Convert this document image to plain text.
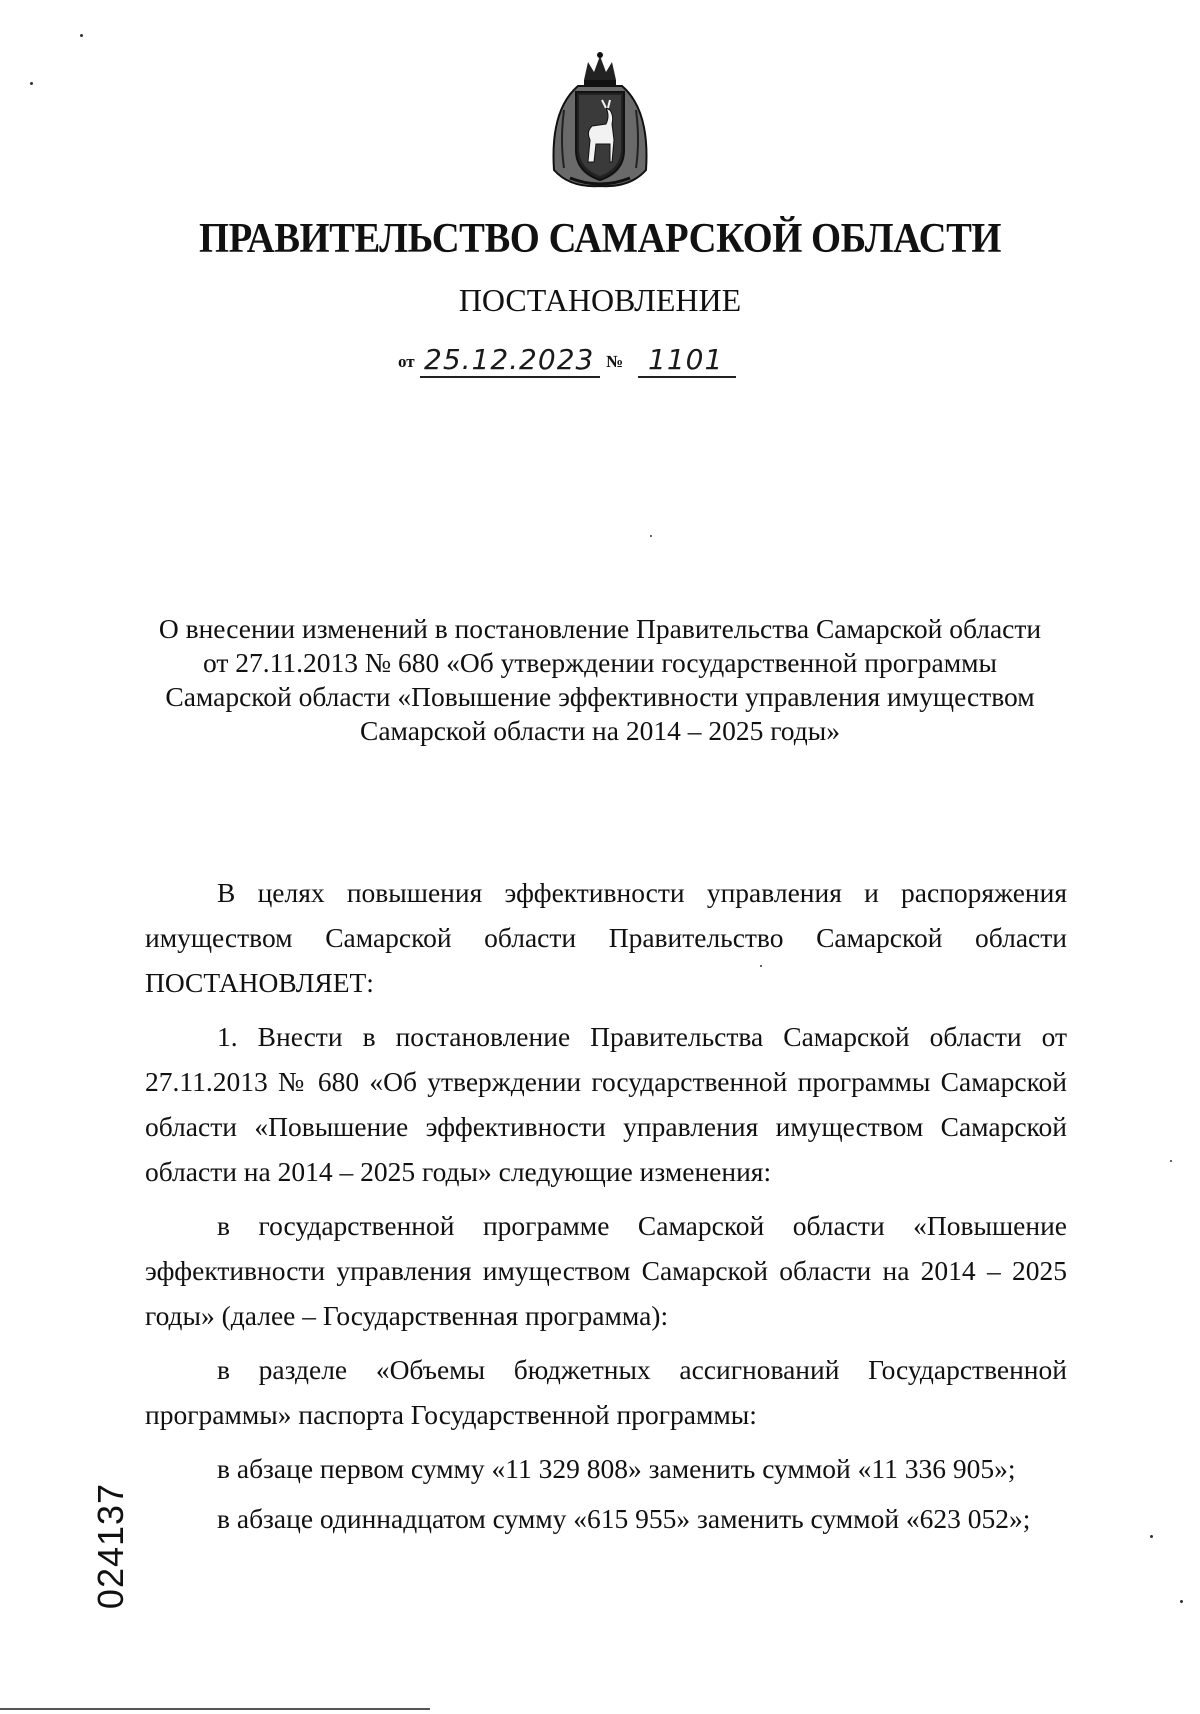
ПРАВИТЕЛЬСТВО САМАРСКОЙ ОБЛАСТИ
ПОСТАНОВЛЕНИЕ
от 25.12.2023 № 1101
О внесении изменений в постановление Правительства Самарской области
от 27.11.2013 № 680 «Об утверждении государственной программы
Самарской области «Повышение эффективности управления имуществом
Самарской области на 2014 – 2025 годы»

В целях повышения эффективности управления и распоряжения имуществом Самарской области Правительство Самарской области ПОСТАНОВЛЯЕТ:

1. Внести в постановление Правительства Самарской области от 27.11.2013 № 680 «Об утверждении государственной программы Самарской области «Повышение эффективности управления имуществом Самарской области на 2014 – 2025 годы» следующие изменения:

в государственной программе Самарской области «Повышение эффективности управления имуществом Самарской области на 2014 – 2025 годы» (далее – Государственная программа):

в разделе «Объемы бюджетных ассигнований Государственной программы» паспорта Государственной программы:

в абзаце первом сумму «11 329 808» заменить суммой «11 336 905»;

в абзаце одиннадцатом сумму «615 955» заменить суммой «623 052»;

024137
